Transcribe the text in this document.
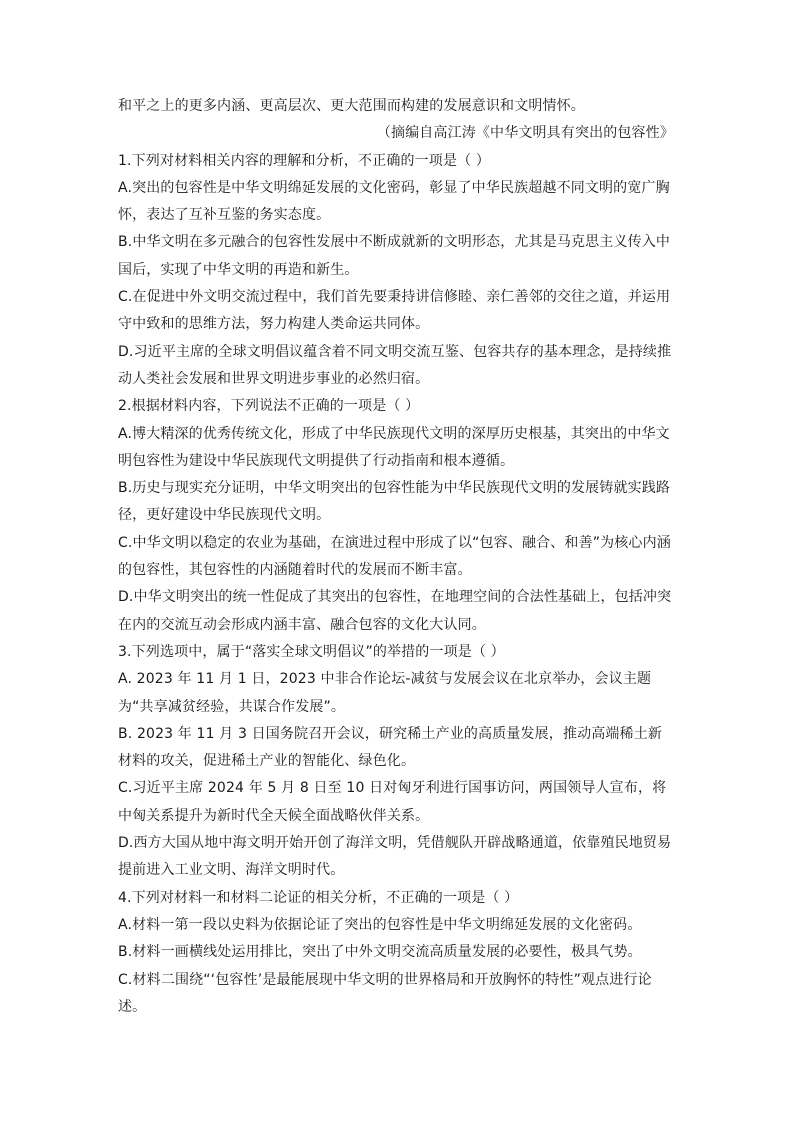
和平之上的更多内涵、更高层次、更大范围而构建的发展意识和文明情怀。

（摘编自高江涛《中华文明具有突出的包容性》

1.下列对材料相关内容的理解和分析，不正确的一项是（ ）

A.突出的包容性是中华文明绵延发展的文化密码，彰显了中华民族超越不同文明的宽广胸怀，表达了互补互鉴的务实态度。

B.中华文明在多元融合的包容性发展中不断成就新的文明形态，尤其是马克思主义传入中国后，实现了中华文明的再造和新生。

C.在促进中外文明交流过程中，我们首先要秉持讲信修睦、亲仁善邻的交往之道，并运用守中致和的思维方法，努力构建人类命运共同体。

D.习近平主席的全球文明倡议蕴含着不同文明交流互鉴、包容共存的基本理念，是持续推动人类社会发展和世界文明进步事业的必然归宿。

2.根据材料内容，下列说法不正确的一项是（ ）

A.博大精深的优秀传统文化，形成了中华民族现代文明的深厚历史根基，其突出的中华文明包容性为建设中华民族现代文明提供了行动指南和根本遵循。

B.历史与现实充分证明，中华文明突出的包容性能为中华民族现代文明的发展铸就实践路径，更好建设中华民族现代文明。

C.中华文明以稳定的农业为基础，在演进过程中形成了以“包容、融合、和善”为核心内涵的包容性，其包容性的内涵随着时代的发展而不断丰富。

D.中华文明突出的统一性促成了其突出的包容性，在地理空间的合法性基础上，包括冲突在内的交流互动会形成内涵丰富、融合包容的文化大认同。

3.下列选项中，属于“落实全球文明倡议”的举措的一项是（ ）

A. 2023 年 11 月 1 日，2023 中非合作论坛-减贫与发展会议在北京举办，会议主题为“共享减贫经验，共谋合作发展”。

B. 2023 年 11 月 3 日国务院召开会议，研究稀土产业的高质量发展，推动高端稀土新材料的攻关，促进稀土产业的智能化、绿色化。

C.习近平主席 2024 年 5 月 8 日至 10 日对匈牙利进行国事访问，两国领导人宣布，将中匈关系提升为新时代全天候全面战略伙伴关系。

D.西方大国从地中海文明开始开创了海洋文明，凭借舰队开辟战略通道，依靠殖民地贸易提前进入工业文明、海洋文明时代。

4.下列对材料一和材料二论证的相关分析，不正确的一项是（ ）

A.材料一第一段以史料为依据论证了突出的包容性是中华文明绵延发展的文化密码。

B.材料一画横线处运用排比，突出了中外文明交流高质量发展的必要性，极具气势。

C.材料二围绕“‘包容性’是最能展现中华文明的世界格局和开放胸怀的特性”观点进行论述。
